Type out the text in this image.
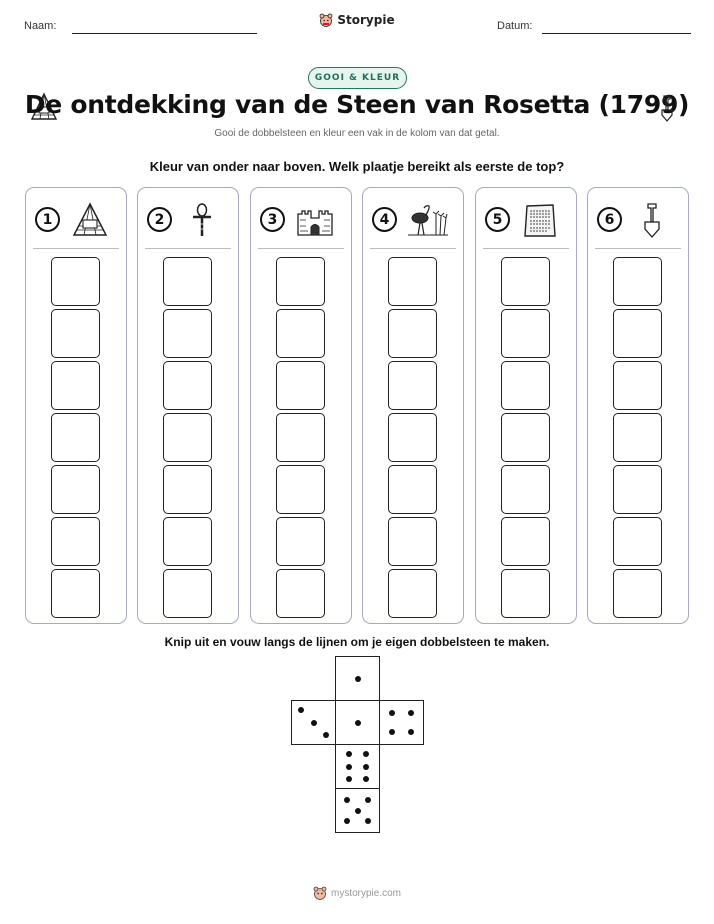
Naam:	Storypie	Datum:
GOOI & KLEUR
De ontdekking van de Steen van Rosetta (1799)
Gooi de dobbelsteen en kleur een vak in de kolom van dat getal.
Kleur van onder naar boven. Welk plaatje bereikt als eerste de top?
1	2	3	4	5	6
Knip uit en vouw langs de lijnen om je eigen dobbelsteen te maken.
mystorypie.com
